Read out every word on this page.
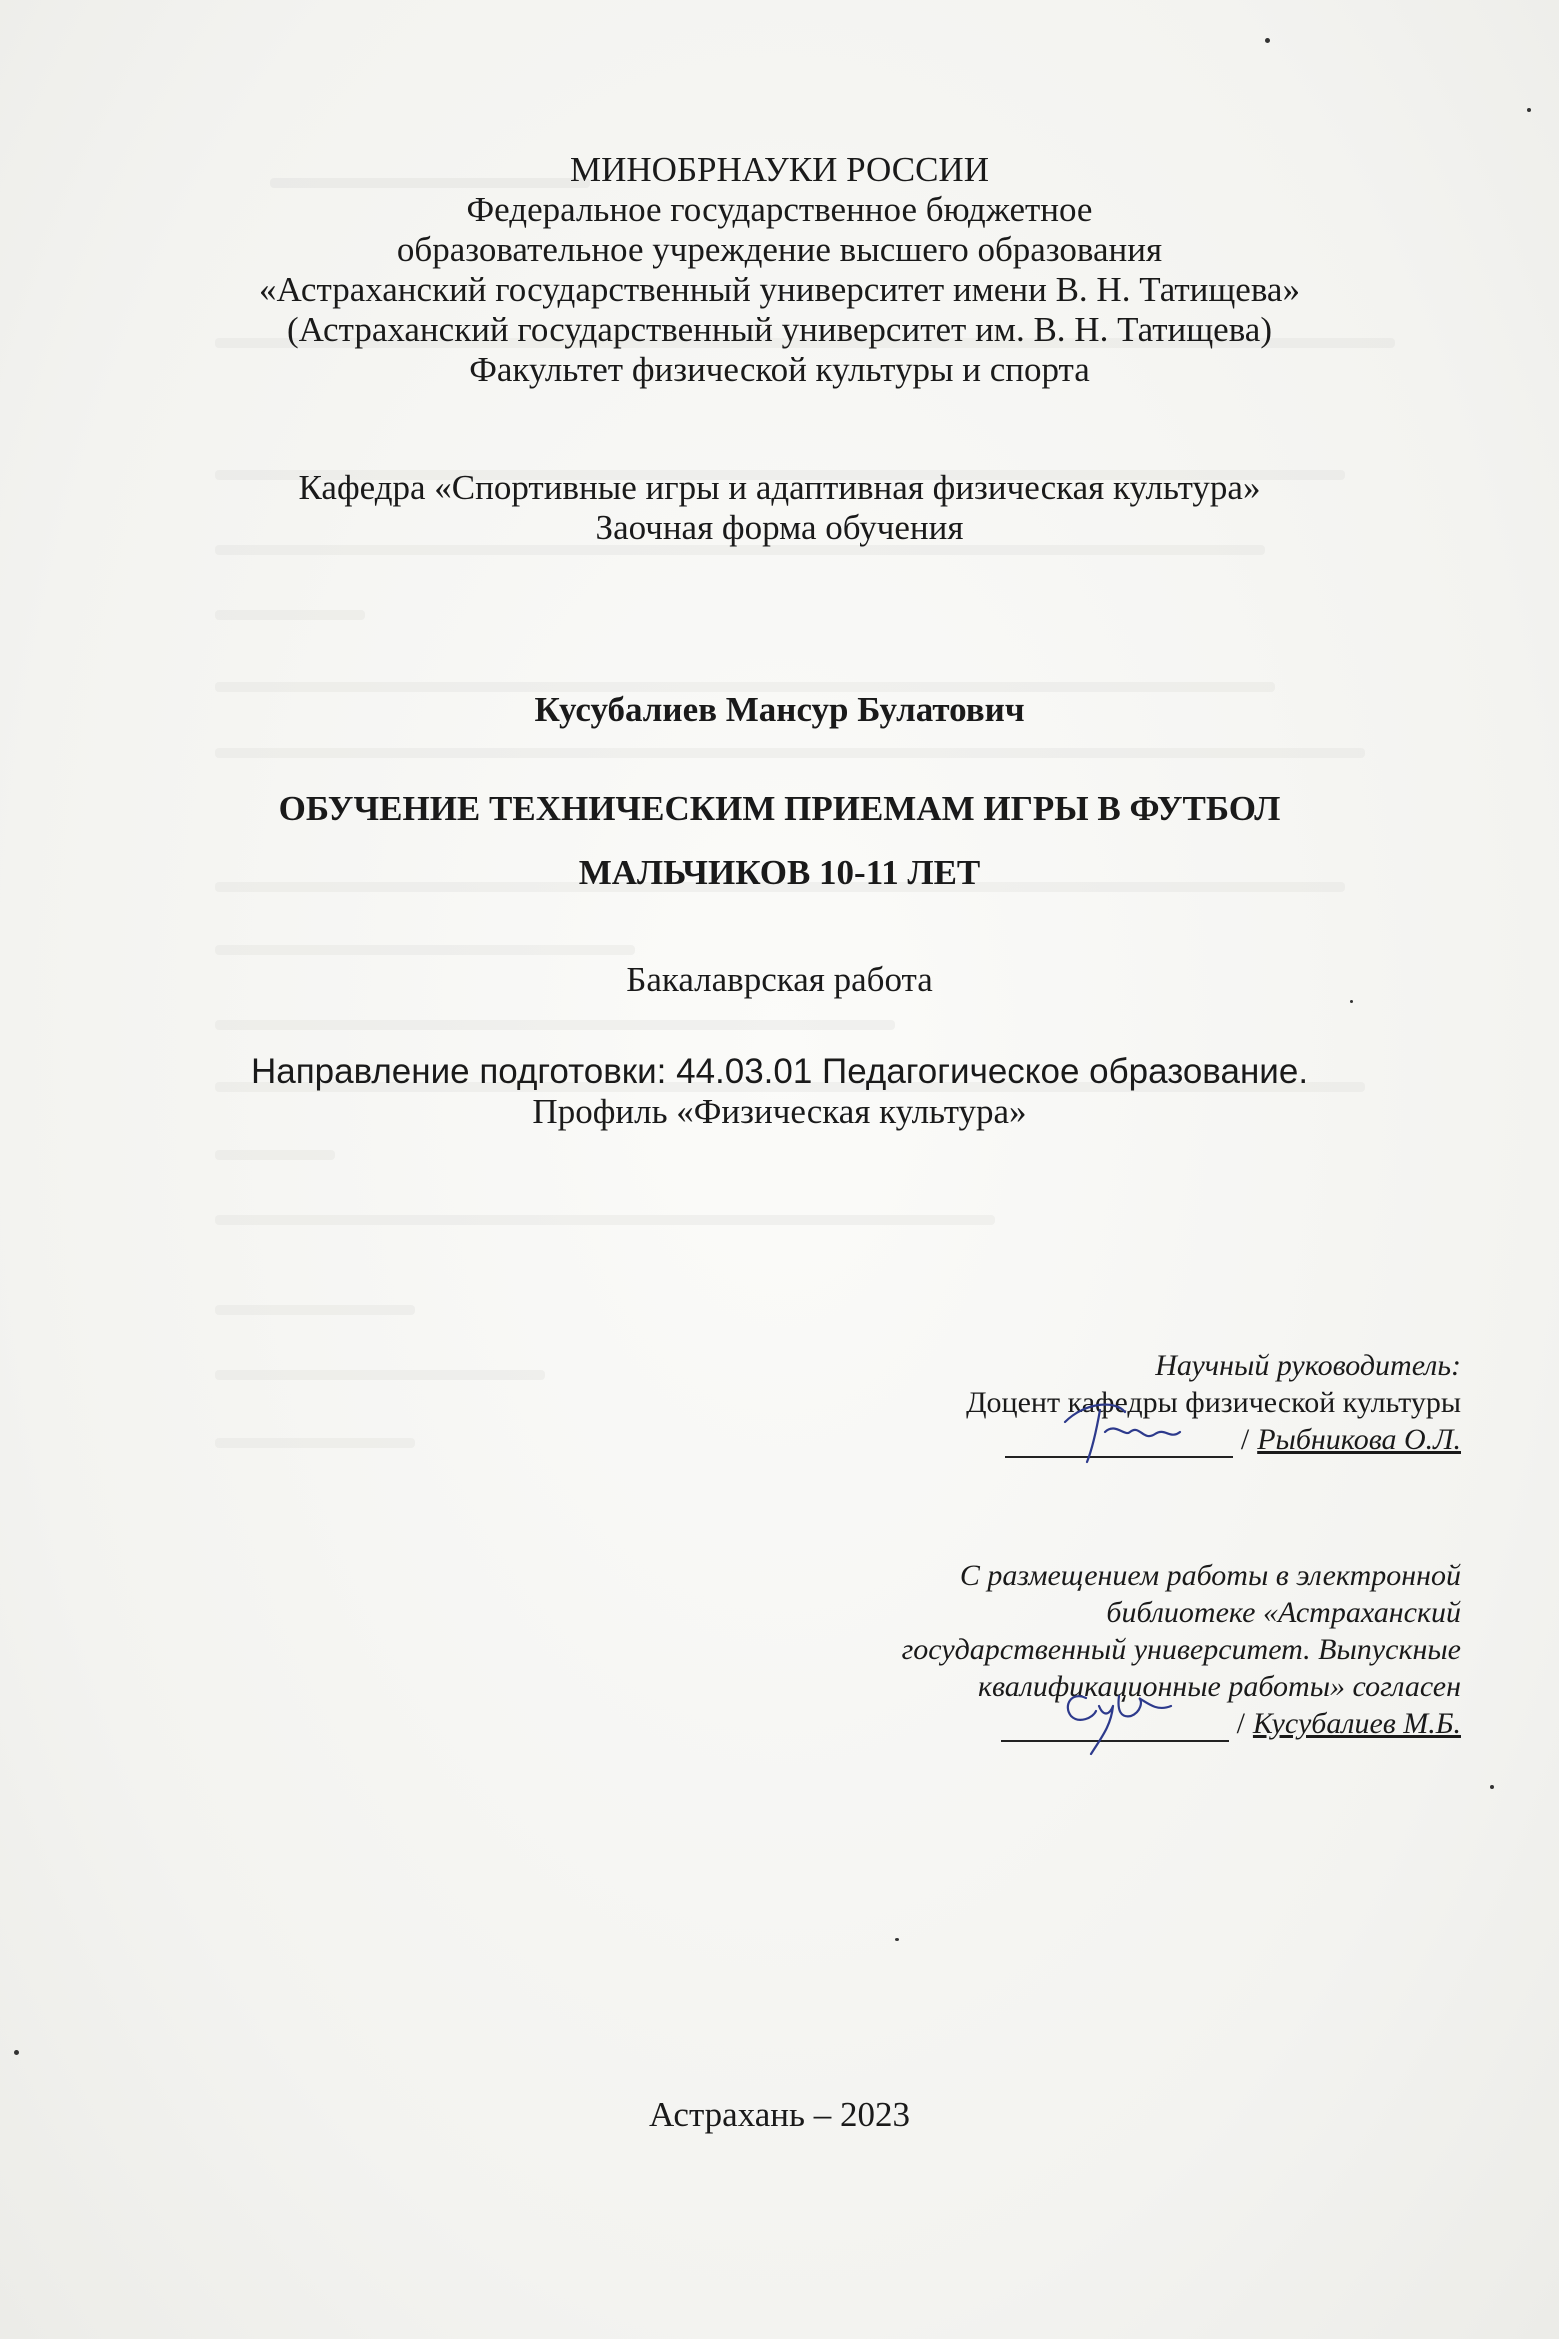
МИНОБРНАУКИ РОССИИ
Федеральное государственное бюджетное
образовательное учреждение высшего образования
«Астраханский государственный университет имени В. Н. Татищева»
(Астраханский государственный университет им. В. Н. Татищева)
Факультет физической культуры и спорта
Кафедра «Спортивные игры и адаптивная физическая культура»
Заочная форма обучения
Кусубалиев Мансур Булатович
ОБУЧЕНИЕ ТЕХНИЧЕСКИМ ПРИЕМАМ ИГРЫ В ФУТБОЛ
МАЛЬЧИКОВ 10-11 ЛЕТ
Бакалаврская работа
Направление подготовки: 44.03.01 Педагогическое образование.
Профиль «Физическая культура»
Научный руководитель:
Доцент кафедры физической культуры
/ Рыбникова О.Л.
С размещением работы в электронной
библиотеке «Астраханский
государственный университет. Выпускные
квалификационные работы» согласен
/ Кусубалиев М.Б.
Астрахань – 2023
